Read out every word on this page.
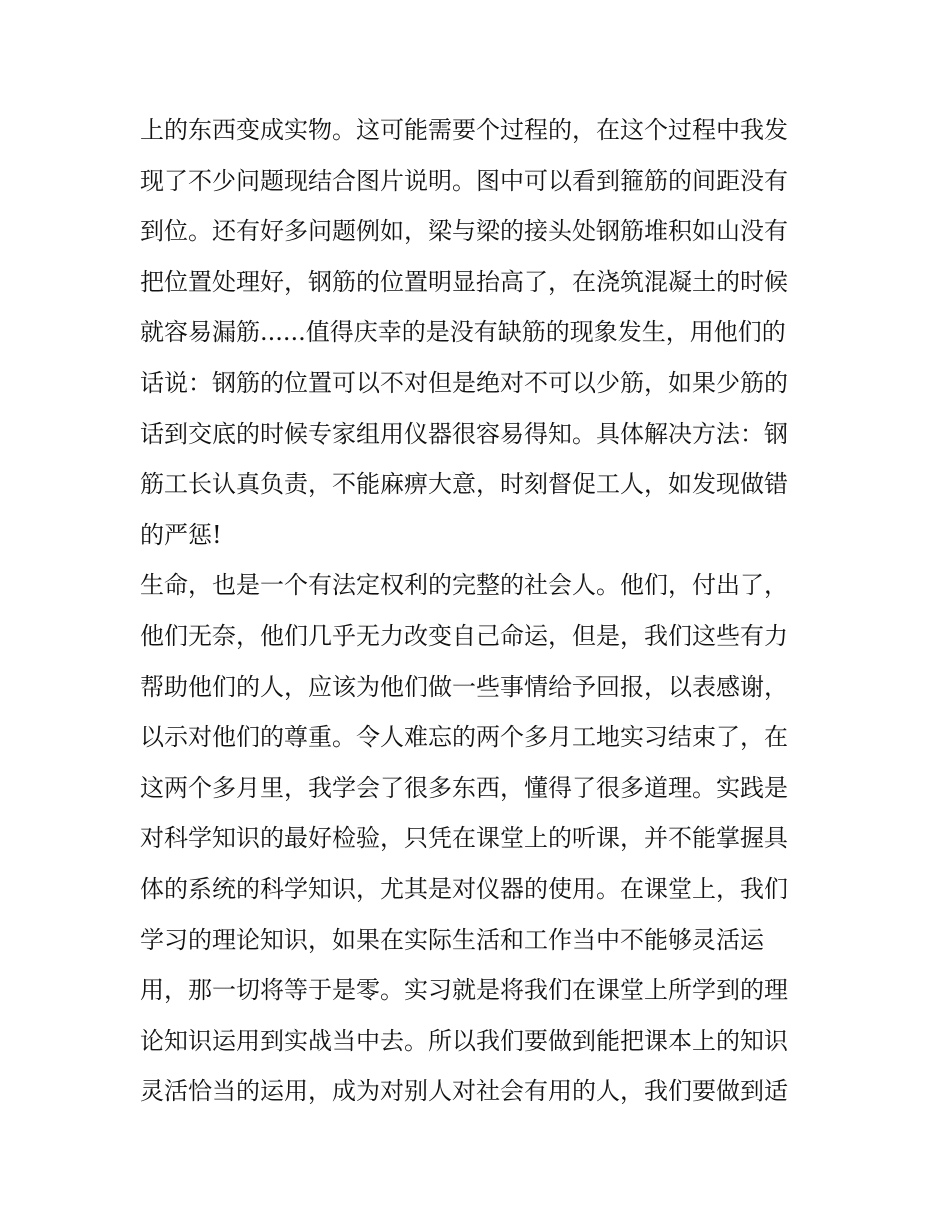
上的东西变成实物。这可能需要个过程的，在这个过程中我发
现了不少问题现结合图片说明。图中可以看到箍筋的间距没有
到位。还有好多问题例如，梁与梁的接头处钢筋堆积如山没有
把位置处理好，钢筋的位置明显抬高了，在浇筑混凝土的时候
就容易漏筋......值得庆幸的是没有缺筋的现象发生，用他们的
话说：钢筋的位置可以不对但是绝对不可以少筋，如果少筋的
话到交底的时候专家组用仪器很容易得知。具体解决方法：钢
筋工长认真负责，不能麻痹大意，时刻督促工人，如发现做错
的严惩!
生命，也是一个有法定权利的完整的社会人。他们，付出了，
他们无奈，他们几乎无力改变自己命运，但是，我们这些有力
帮助他们的人，应该为他们做一些事情给予回报，以表感谢，
以示对他们的尊重。令人难忘的两个多月工地实习结束了，在
这两个多月里，我学会了很多东西，懂得了很多道理。实践是
对科学知识的最好检验，只凭在课堂上的听课，并不能掌握具
体的系统的科学知识，尤其是对仪器的使用。在课堂上，我们
学习的理论知识，如果在实际生活和工作当中不能够灵活运
用，那一切将等于是零。实习就是将我们在课堂上所学到的理
论知识运用到实战当中去。所以我们要做到能把课本上的知识
灵活恰当的运用，成为对别人对社会有用的人，我们要做到适
